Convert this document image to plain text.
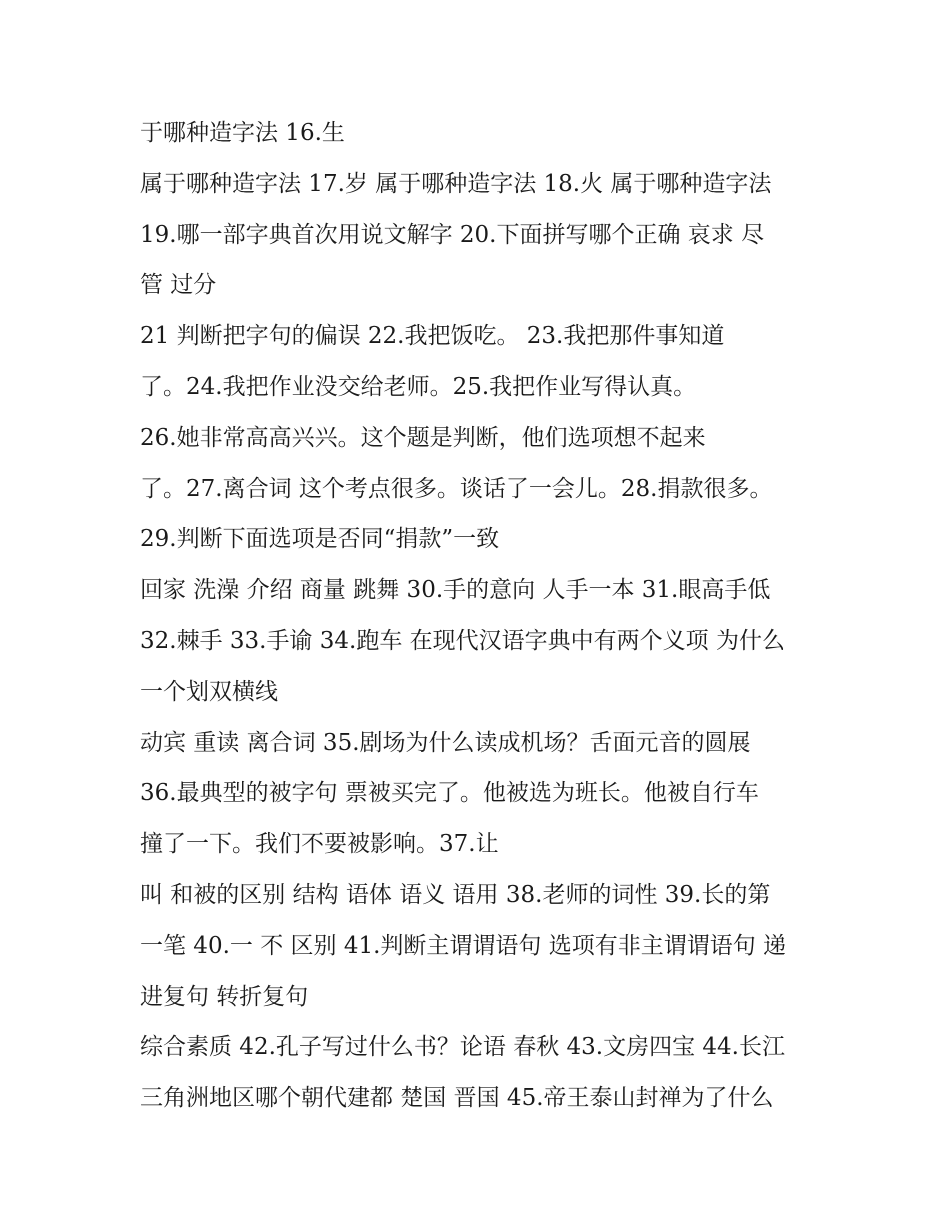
于哪种造字法 16.生
属于哪种造字法 17.岁 属于哪种造字法 18.火 属于哪种造字法
19.哪一部字典首次用说文解字 20.下面拼写哪个正确 哀求 尽
管 过分
21 判断把字句的偏误 22.我把饭吃。 23.我把那件事知道
了。24.我把作业没交给老师。25.我把作业写得认真。
26.她非常高高兴兴。这个题是判断，他们选项想不起来
了。27.离合词 这个考点很多。谈话了一会儿。28.捐款很多。
29.判断下面选项是否同“捐款”一致
回家 洗澡 介绍 商量 跳舞 30.手的意向 人手一本 31.眼高手低
32.棘手 33.手谕 34.跑车 在现代汉语字典中有两个义项 为什么
一个划双横线
动宾 重读 离合词 35.剧场为什么读成机场？舌面元音的圆展
36.最典型的被字句 票被买完了。他被选为班长。他被自行车
撞了一下。我们不要被影响。37.让
叫 和被的区别 结构 语体 语义 语用 38.老师的词性 39.长的第
一笔 40.一 不 区别 41.判断主谓谓语句 选项有非主谓谓语句 递
进复句 转折复句
综合素质 42.孔子写过什么书？论语 春秋 43.文房四宝 44.长江
三角洲地区哪个朝代建都 楚国 晋国 45.帝王泰山封禅为了什么
